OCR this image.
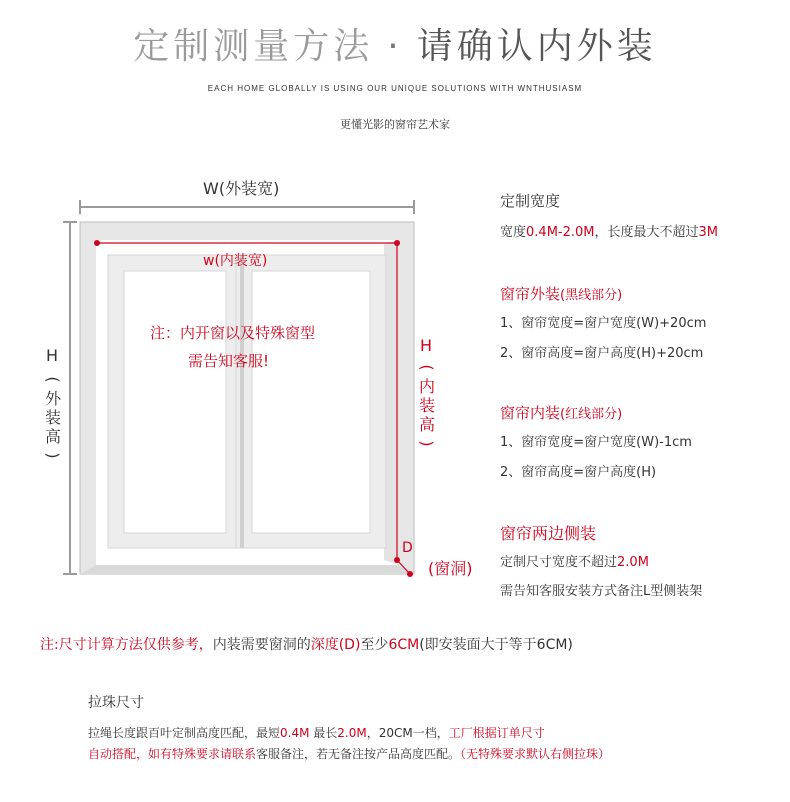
定制测量方法 · 请确认内外装
EACH HOME GLOBALLY IS USING OUR UNIQUE SOLUTIONS WITH WNTHUSIASM
更懂光影的窗帘艺术家
W(外装宽)
w(内装宽)
H
(
外
装
高
)
H
(
内
装
高
)
注：内开窗以及特殊窗型
需告知客服!
D
(窗洞)
定制宽度
宽度0.4M-2.0M，长度最大不超过3M
窗帘外装(黑线部分)
1、窗帘宽度=窗户宽度(W)+20cm
2、窗帘高度=窗户高度(H)+20cm
窗帘内装(红线部分)
1、窗帘宽度=窗户宽度(W)-1cm
2、窗帘高度=窗户高度(H)
窗帘两边侧装
定制尺寸宽度不超过2.0M
需告知客服安装方式备注L型侧装架
注:尺寸计算方法仅供参考，内装需要窗洞的深度(D)至少6CM(即安装面大于等于6CM)
拉珠尺寸
拉绳长度跟百叶定制高度匹配，最短0.4M 最长2.0M，20CM一档，工厂根据订单尺寸
自动搭配，如有特殊要求请联系客服备注，若无备注按产品高度匹配。（无特殊要求默认右侧拉珠）
